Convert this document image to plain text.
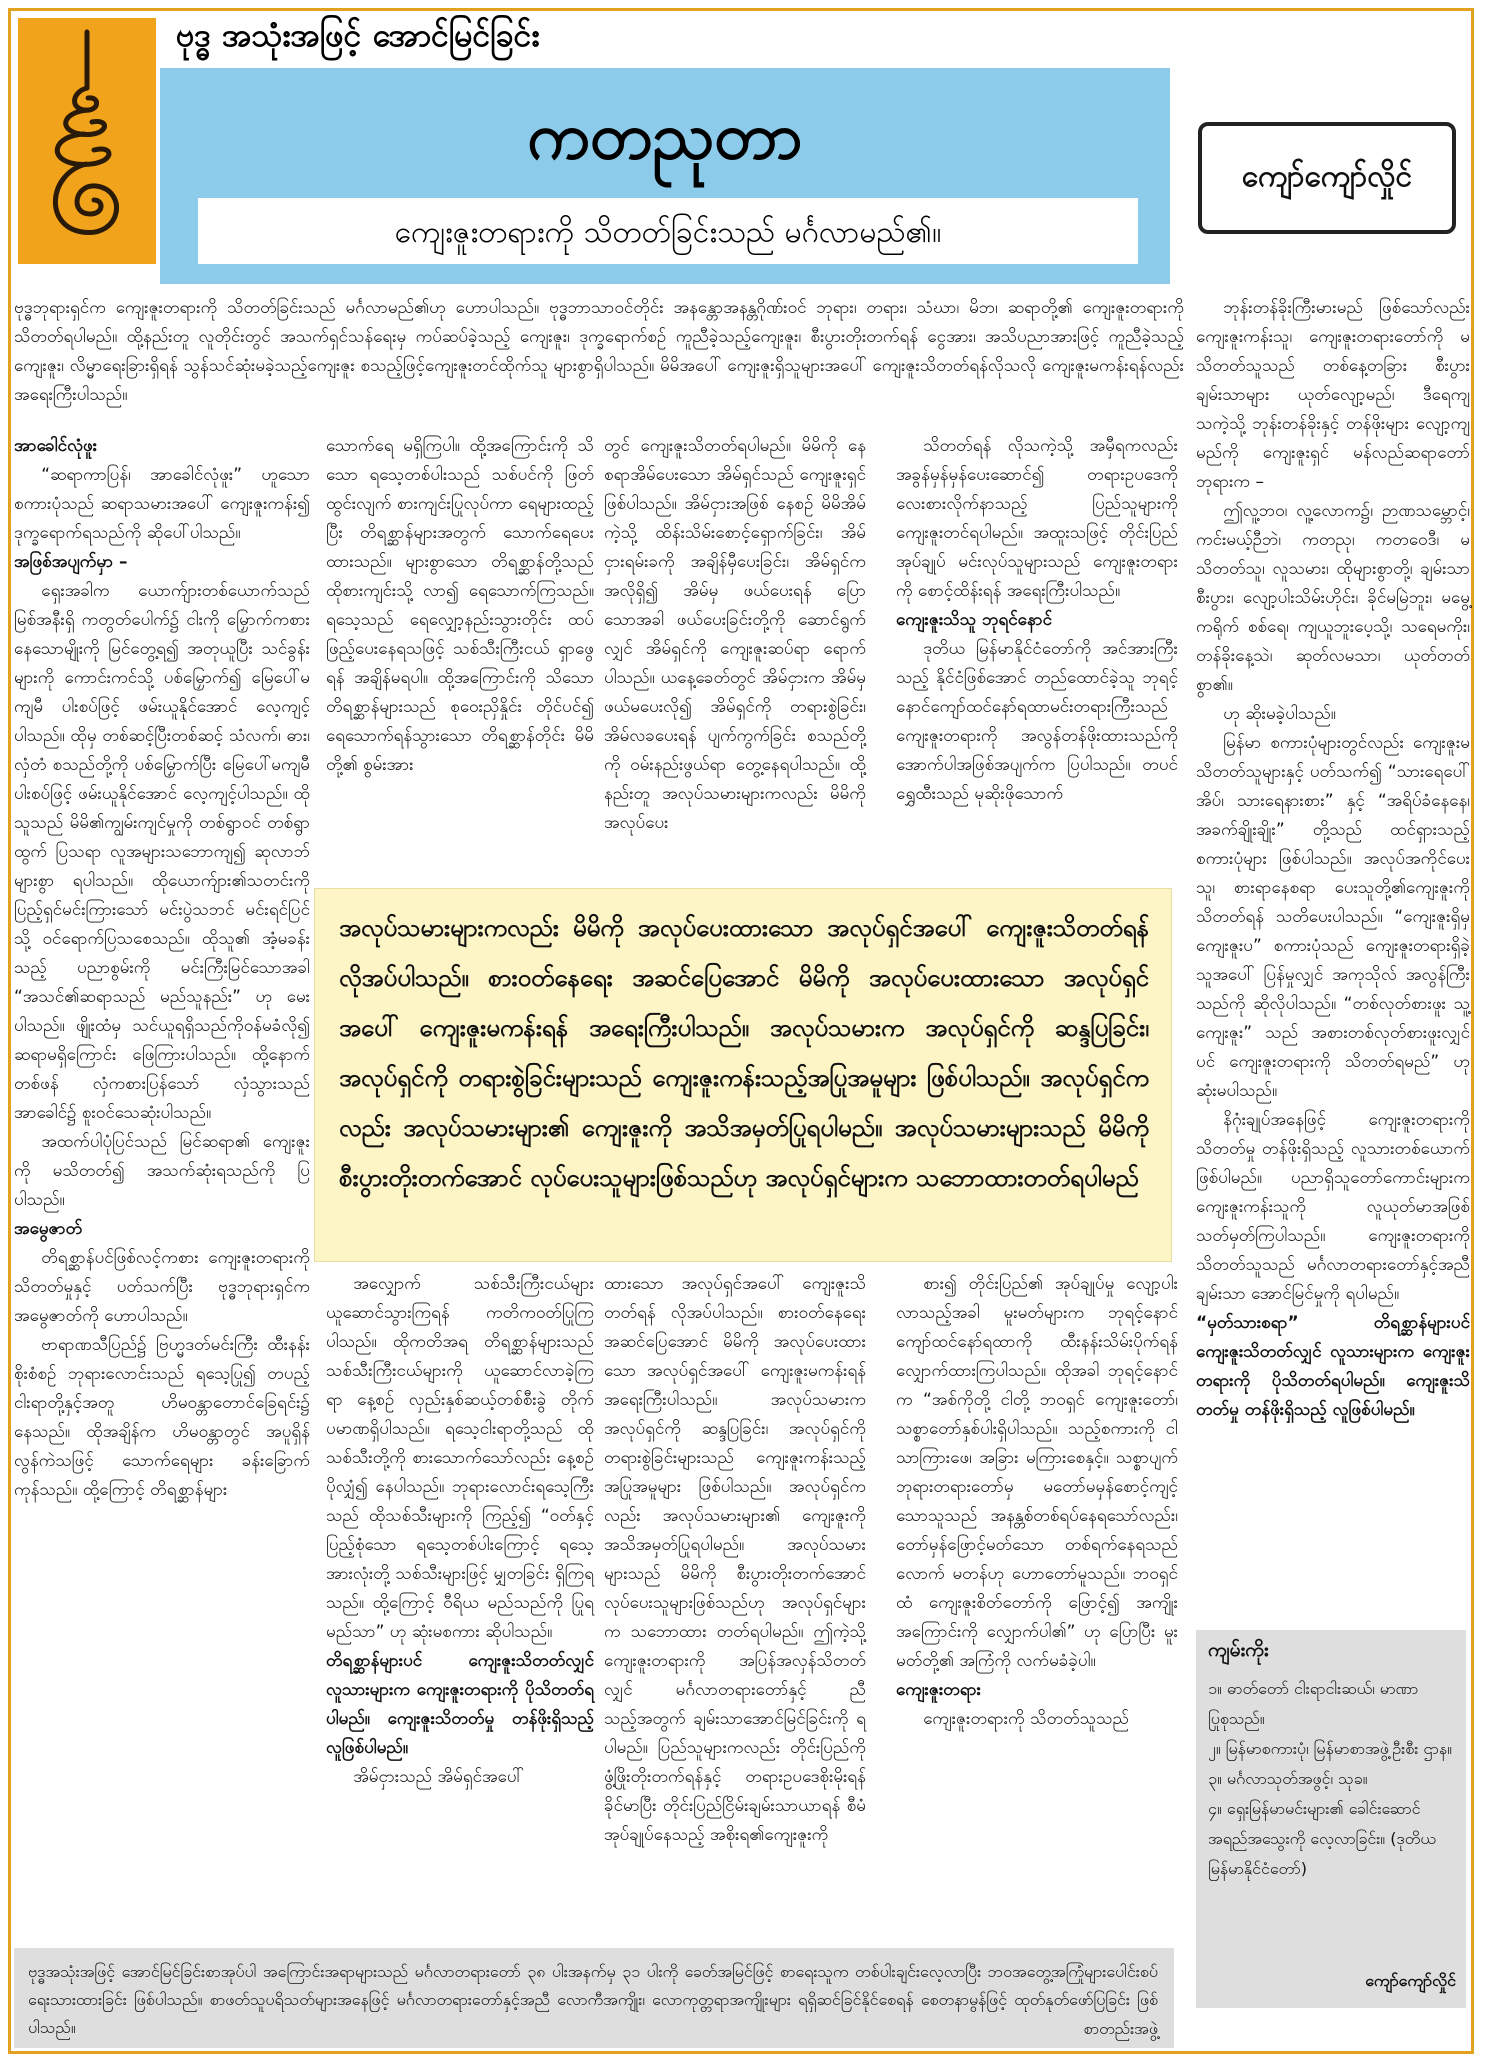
ဗုဒ္ဓ အသုံးအဖြင့် အောင်မြင်ခြင်း
ကတညုတာ
ကျေးဇူးတရားကို သိတတ်ခြင်းသည် မင်္ဂလာမည်၏။
ကျော်ကျော်လှိုင်
ဗုဒ္ဓဘုရားရှင်က ကျေးဇူးတရားကို သိတတ်ခြင်းသည် မင်္ဂလာမည်၏ဟု ဟောပါသည်။ ဗုဒ္ဓဘာသာဝင်တိုင်း အနန္တောအနန္တဂိုဏ်းဝင် ဘုရား၊ တရား၊ သံဃာ၊ မိဘ၊ ဆရာတို့၏ ကျေးဇူးတရားကို သိတတ်ရပါမည်။ ထို့နည်းတူ လူတိုင်းတွင် အသက်ရှင်သန်ရေးမှ ကပ်ဆပ်ခဲ့သည့် ကျေးဇူး၊ ဒုက္ခရောက်စဉ် ကူညီခဲ့သည့်ကျေးဇူး၊ စီးပွားတိုးတက်ရန် ငွေအား၊ အသိပညာအားဖြင့် ကူညီခဲ့သည့်ကျေးဇူး၊ လိမ္မာရေးခြားရှိရန် သွန်သင်ဆုံးမခဲ့သည့်ကျေးဇူး စသည့်ဖြင့်ကျေးဇူးတင်ထိုက်သူ များစွာရှိပါသည်။ မိမိအပေါ် ကျေးဇူးရှိသူများအပေါ် ကျေးဇူးသိတတ်ရန်လိုသလို ကျေးဇူးမကန်းရန်လည်း အရေးကြီးပါသည်။
အာခေါင်လုံဖူး
“ဆရာကာပြန်၊ အာခေါင်လုံဖူး” ဟူသော စကားပုံသည် ဆရာသမားအပေါ် ကျေးဇူးကန်း၍ ဒုက္ခရောက်ရသည်ကို ဆိုပေါ်ပါသည်။
အဖြစ်အပျက်မှာ –
ရှေးအခါက ယောက်ျားတစ်ယောက်သည် မြစ်အနီးရှိ ကတွတ်ပေါက်၌ ငါးကို မြှောက်ကစားနေသောမျိုးကို မြင်တွေ့ရ၍ အတုယူပြီး သင်ခွန်းများကို ကောင်းကင်သို့ ပစ်မြှောက်၍ မြေပေါ်မကျမီ ပါးစပ်ဖြင့် ဖမ်းယူနိုင်အောင် လေ့ကျင့်ပါသည်။ ထိုမှ တစ်ဆင့်ပြီးတစ်ဆင့် သံလက်၊ ဓား၊ လှံတံ စသည်တို့ကို ပစ်မြှောက်ပြီး မြေပေါ်မကျမီ ပါးစပ်ဖြင့် ဖမ်းယူနိုင်အောင် လေ့ကျင့်ပါသည်။ ထိုသူသည် မိမိ၏ကျွမ်းကျင်မှုကို တစ်ရွာဝင် တစ်ရွာထွက် ပြသရာ လူအများသဘောကျ၍ ဆုလာဘ်များစွာ ရပါသည်။ ထိုယောက်ျား၏သတင်းကို ပြည့်ရှင်မင်းကြားသော် မင်းပွဲသဘင် မင်းရင်ပြင်သို့ ဝင်ရောက်ပြသစေသည်။ ထိုသူ၏ အံ့မခန်းသည့် ပညာစွမ်းကို မင်းကြီးမြင်သောအခါ “အသင်၏ဆရာသည် မည်သူနည်း” ဟု မေးပါသည်။ ဖျိုးထံမှ သင်ယူရရှိသည်ကိုဝန်မခံလို၍ ဆရာမရှိကြောင်း ဖြေကြားပါသည်။ ထို့နောက် တစ်ဖန် လှံကစားပြန်သော် လှံသွားသည် အာခေါင်၌ စူးဝင်သေဆုံးပါသည်။
အထက်ပါပုံပြင်သည် မြင်ဆရာ၏ ကျေးဇူးကို မသိတတ်၍ အသက်ဆုံးရသည်ကို ပြပါသည်။
အမွေဇာတ်
တိရစ္ဆာန်ပင်ဖြစ်လင့်ကစား ကျေးဇူးတရားကို သိတတ်မှုနှင့် ပတ်သက်ပြီး ဗုဒ္ဓဘုရားရှင်က အမွေဇာတ်ကို ဟောပါသည်။
ဗာရာဏသီပြည်၌ ဗြဟ္မဒတ်မင်းကြီး ထီးနန်းစိုးစံစဉ် ဘုရားလောင်းသည် ရသေ့ပြု၍ တပည့်ငါးရာတို့နှင့်အတူ ဟိမဝန္တာတောင်ခြေရင်း၌ နေသည်။ ထိုအချိန်က ဟိမဝန္တာတွင် အပူရှိန်လွန်ကဲသဖြင့် သောက်ရေများ ခန်းခြောက်ကုန်သည်။ ထို့ကြောင့် တိရစ္ဆာန်များ
သောက်ရေ မရှိကြပါ။ ထို့အကြောင်းကို သိသော ရသေ့တစ်ပါးသည် သစ်ပင်ကို ဖြတ်ထွင်းလျက် စားကျင်းပြုလုပ်ကာ ရေများထည့်ပြီး တိရစ္ဆာန်များအတွက် သောက်ရေပေးထားသည်။ များစွာသော တိရစ္ဆာန်တို့သည် ထိုစားကျင်းသို့ လာ၍ ရေသောက်ကြသည်။ ရသေ့သည် ရေလျှော့နည်းသွားတိုင်း ထပ်ဖြည့်ပေးနေရသဖြင့် သစ်သီးကြီးငယ် ရှာဖွေရန် အချိန်မရပါ။ ထို့အကြောင်းကို သိသော တိရစ္ဆာန်များသည် စုဝေးညှိနှိုင်း တိုင်ပင်၍ ရေသောက်ရန်သွားသော တိရစ္ဆာန်တိုင်း မိမိတို့၏ စွမ်းအား
တွင် ကျေးဇူးသိတတ်ရပါမည်။ မိမိကို နေစရာအိမ်ပေးသော အိမ်ရှင်သည် ကျေးဇူးရှင် ဖြစ်ပါသည်။ အိမ်ငှားအဖြစ် နေစဉ် မိမိအိမ်ကဲ့သို့ ထိန်းသိမ်းစောင့်ရှောက်ခြင်း၊ အိမ်ငှားရမ်းခကို အချိန်မှီပေးခြင်း၊ အိမ်ရှင်က အလိုရှိ၍ အိမ်မှ ဖယ်ပေးရန် ပြောသောအခါ ဖယ်ပေးခြင်းတို့ကို ဆောင်ရွက်လျှင် အိမ်ရှင်ကို ကျေးဇူးဆပ်ရာ ရောက်ပါသည်။ ယနေ့ခေတ်တွင် အိမ်ငှားက အိမ်မှ ဖယ်မပေးလို၍ အိမ်ရှင်ကို တရားစွဲခြင်း၊ အိမ်လခပေးရန် ပျက်ကွက်ခြင်း စသည်တို့ကို ဝမ်းနည်းဖွယ်ရာ တွေ့နေရပါသည်။ ထို့နည်းတူ အလုပ်သမားများကလည်း မိမိကို အလုပ်ပေး
သိတတ်ရန် လိုသကဲ့သို့ အမှီရကလည်း အခွန်မှန်မှန်ပေးဆောင်၍ တရားဥပဒေကို လေးစားလိုက်နာသည့် ပြည်သူများကို ကျေးဇူးတင်ရပါမည်။ အထူးသဖြင့် တိုင်းပြည်အုပ်ချုပ် မင်းလုပ်သူများသည် ကျေးဇူးတရားကို စောင့်ထိန်းရန် အရေးကြီးပါသည်။
ကျေးဇူးသိသူ ဘုရင်နောင်
ဒုတိယ မြန်မာနိုင်ငံတော်ကို အင်အားကြီးသည့် နိုင်ငံဖြစ်အောင် တည်ထောင်ခဲ့သူ ဘုရင့်နောင်ကျော်ထင်နော်ရထာမင်းတရားကြီးသည် ကျေးဇူးတရားကို အလွန်တန်ဖိုးထားသည်ကို အောက်ပါအဖြစ်အပျက်က ပြပါသည်။ တပင်ရွှေထီးသည် မုဆိုးဖိုသောက်
ဘုန်းတန်ခိုးကြီးမားမည် ဖြစ်သော်လည်း ကျေးဇူးကန်းသူ၊ ကျေးဇူးတရားတော်ကို မသိတတ်သူသည် တစ်နေ့တခြား စီးပွားချမ်းသာများ ယုတ်လျော့မည်၊ ဒီရေကျသကဲ့သို့ ဘုန်းတန်ခိုးနှင့် တန်ဖိုးများ လျော့ကျမည်ကို ကျေးဇူးရှင် မန်လည်ဆရာတော်ဘုရားက –
ဤလူ့ဘဝ၊ လူ့လောက၌၊ ဉာဏသမ္ဘောင့်၊ ကင်းမယ့်ဉီဘဲ၊ ကတညု၊ ကတဝေဒီ၊ မသိတတ်သူ၊ လူသမား၊ ထိုများစွာတို့၊ ချမ်းသာစီးပွား၊ လျော့ပါးသိမ်းဟိုင်း၊ ခိုင်မမြဲဘူး၊ မမွေ့ကရိုက် စစ်ရေ၊ ကျယူဘူးပေ့သို့၊ သရေမကိုး၊ တန်ခိုးနေ့သဲ၊ ဆုတ်လမသာ၊ ယုတ်တတ်စွာ၏။
ဟု ဆိုးမခဲ့ပါသည်။
မြန်မာ စကားပုံများတွင်လည်း ကျေးဇူးမသိတတ်သူများနှင့် ပတ်သက်၍ “သားရေပေါ် အိပ်၊ သားရေနားစား” နှင့် “အရိပ်ခံနေနေ၊ အခက်ချိုးချိုး” တို့သည် ထင်ရှားသည့် စကားပုံများ ဖြစ်ပါသည်။ အလုပ်အကိုင်ပေးသူ၊ စားရာနေစရာ ပေးသူတို့၏ကျေးဇူးကို သိတတ်ရန် သတိပေးပါသည်။ “ကျေးဇူးရှိမှ ကျေးဇူးပ” စကားပုံသည် ကျေးဇူးတရားရှိခဲ့သူအပေါ် ပြန်မှုလျှင် အကုသိုလ် အလွန်ကြီးသည်ကို ဆိုလိုပါသည်။ “တစ်လုတ်စားဖူး သူ့ကျေးဇူး” သည် အစားတစ်လုတ်စားဖူးလျှင်ပင် ကျေးဇူးတရားကို သိတတ်ရမည်” ဟု ဆုံးမပါသည်။
နိဂုံးချုပ်အနေဖြင့် ကျေးဇူးတရားကို သိတတ်မှု တန်ဖိုးရှိသည့် လူသားတစ်ယောက် ဖြစ်ပါမည်။ ပညာရှိသူတော်ကောင်းများက ကျေးဇူးကန်းသူကို လူယုတ်မာအဖြစ် သတ်မှတ်ကြပါသည်။ ကျေးဇူးတရားကို သိတတ်သူသည် မင်္ဂလာတရားတော်နှင့်အညီ ချမ်းသာ အောင်မြင်မှုကို ရပါမည်။
“မှတ်သားစရာ” တိရစ္ဆာန်များပင် ကျေးဇူးသိတတ်လျှင် လူသားများက ကျေးဇူးတရားကို ပိုသိတတ်ရပါမည်။ ကျေးဇူးသိတတ်မှု တန်ဖိုးရှိသည့် လူဖြစ်ပါမည်။
အလုပ်သမားများကလည်း မိမိကို အလုပ်ပေးထားသော အလုပ်ရှင်အပေါ် ကျေးဇူးသိတတ်ရန် လိုအပ်ပါသည်။ စားဝတ်နေရေး အဆင်ပြေအောင် မိမိကို အလုပ်ပေးထားသော အလုပ်ရှင်အပေါ် ကျေးဇူးမကန်းရန် အရေးကြီးပါသည်။ အလုပ်သမားက အလုပ်ရှင်ကို ဆန္ဒပြခြင်း၊ အလုပ်ရှင်ကို တရားစွဲခြင်းများသည် ကျေးဇူးကန်းသည့်အပြုအမူများ ဖြစ်ပါသည်။ အလုပ်ရှင်ကလည်း အလုပ်သမားများ၏ ကျေးဇူးကို အသိအမှတ်ပြုရပါမည်။ အလုပ်သမားများသည် မိမိကို စီးပွားတိုးတက်အောင် လုပ်ပေးသူများဖြစ်သည်ဟု အလုပ်ရှင်များက သဘောထားတတ်ရပါမည်
အလျှောက် သစ်သီးကြီးငယ်များ ယူဆောင်သွားကြရန် ကတိကဝတ်ပြုကြပါသည်။ ထိုကတိအရ တိရစ္ဆာန်များသည် သစ်သီးကြီးငယ်များကို ယူဆောင်လာခဲ့ကြရာ နေ့စဉ် လှည်းနှစ်ဆယ့်တစ်စီးခွဲ တိုက် ပမာဏရှိပါသည်။ ရသေ့ငါးရာတို့သည် ထိုသစ်သီးတို့ကို စားသောက်သော်လည်း နေ့စဉ် ပိုလျှံ၍ နေပါသည်။ ဘုရားလောင်းရသေ့ကြီးသည် ထိုသစ်သီးများကို ကြည့်၍ “ဝတ်နှင့် ပြည့်စုံသော ရသေ့တစ်ပါးကြောင့် ရသေ့အားလုံးတို့ သစ်သီးများဖြင့် မျှတခြင်း ရှိကြရသည်။ ထို့ကြောင့် ဝီရိယ မည်သည်ကို ပြုရမည်သာ” ဟု ဆုံးမစကား ဆိုပါသည်။
တိရစ္ဆာန်များပင် ကျေးဇူးသိတတ်လျှင် လူသားများက ကျေးဇူးတရားကို ပိုသိတတ်ရပါမည်။ ကျေးဇူးသိတတ်မှု တန်ဖိုးရှိသည့်လူဖြစ်ပါမည်။
အိမ်ငှားသည် အိမ်ရှင်အပေါ်
ထားသော အလုပ်ရှင်အပေါ် ကျေးဇူးသိတတ်ရန် လိုအပ်ပါသည်။ စားဝတ်နေရေး အဆင်ပြေအောင် မိမိကို အလုပ်ပေးထားသော အလုပ်ရှင်အပေါ် ကျေးဇူးမကန်းရန် အရေးကြီးပါသည်။ အလုပ်သမားက အလုပ်ရှင်ကို ဆန္ဒပြခြင်း၊ အလုပ်ရှင်ကို တရားစွဲခြင်းများသည် ကျေးဇူးကန်းသည့်အပြုအမူများ ဖြစ်ပါသည်။ အလုပ်ရှင်ကလည်း အလုပ်သမားများ၏ ကျေးဇူးကို အသိအမှတ်ပြုရပါမည်။ အလုပ်သမားများသည် မိမိကို စီးပွားတိုးတက်အောင် လုပ်ပေးသူများဖြစ်သည်ဟု အလုပ်ရှင်များက သဘောထား တတ်ရပါမည်။ ဤကဲ့သို့ ကျေးဇူးတရားကို အပြန်အလှန်သိတတ်လျှင် မင်္ဂလာတရားတော်နှင့် ညီသည့်အတွက် ချမ်းသာအောင်မြင်ခြင်းကို ရပါမည်။ ပြည်သူများကလည်း တိုင်းပြည်ကို ဖွံ့ဖြိုးတိုးတက်ရန်နှင့် တရားဥပဒေစိုးမိုးရန် ခိုင်မာပြီး တိုင်းပြည်ငြိမ်းချမ်းသာယာရန် စီမံအုပ်ချုပ်နေသည့် အစိုးရ၏ကျေးဇူးကို
စား၍ တိုင်းပြည်၏ အုပ်ချုပ်မှု လျော့ပါးလာသည့်အခါ မူးမတ်များက ဘုရင့်နောင် ကျော်ထင်နော်ရထာကို ထီးနန်းသိမ်းပိုက်ရန် လျှောက်ထားကြပါသည်။ ထိုအခါ ဘုရင့်နောင်က “အစ်ကိုတို့ ငါတို့ ဘဝရှင် ကျေးဇူးတော်၊ သစ္စာတော်နှစ်ပါးရှိပါသည်။ သည့်စကားကို ငါသာကြားဖေ၊ အခြား မကြားစေနှင့်။ သစ္စာပျက်ဘုရားတရားတော်မှ မတော်မမှန်စောင့်ကျင့်သောသူသည် အနန္တစ်တစ်ရပ်နေရသော်လည်း၊ တော်မှန်ဖြောင့်မတ်သော တစ်ရက်နေရသည်လောက် မတန်ဟု ဟောတော်မူသည်။ ဘဝရှင်ထံ ကျေးဇူးစိတ်တော်ကို ဖြောင့်၍ အကျိုး အကြောင်းကို လျှောက်ပါ၏” ဟု ပြောပြီး မူးမတ်တို့၏ အကြံကို လက်မခံခဲ့ပါ။
ကျေးဇူးတရား
ကျေးဇူးတရားကို သိတတ်သူသည်
ကျမ်းကိုး
၁။ ဓာတ်တော် ငါးရာငါးဆယ်၊ မာဏာ ပြုစုသည်။
၂။ မြန်မာစကားပုံ၊ မြန်မာစာအဖွဲ့ဦးစီး ဌာန။
၃။ မင်္ဂလာသုတ်အဖွင့်၊ သုခ။
၄။ ရှေးမြန်မာမင်းများ၏ ခေါင်းဆောင်အရည်အသွေးကို လေ့လာခြင်း။ (ဒုတိယမြန်မာနိုင်ငံတော်)
ကျော်ကျော်လှိုင်
ဗုဒ္ဓအသုံးအဖြင့် အောင်မြင်ခြင်းစာအုပ်ပါ အကြောင်းအရာများသည် မင်္ဂလာတရားတော် ၃၈ ပါးအနက်မှ ၃၁ ပါးကို ခေတ်အမြင်ဖြင့် စာရေးသူက တစ်ပါးချင်းလေ့လာပြီး ဘဝအတွေ့အကြုံများပေါင်းစပ်ရေးသားထားခြင်း ဖြစ်ပါသည်။ စာဖတ်သူပရိသတ်များအနေဖြင့် မင်္ဂလာတရားတော်နှင့်အညီ လောကီအကျိုး၊ လောကုတ္တရာအကျိုးများ ရရှိဆင်ခြင်နိုင်စေရန် စေတနာမွန်ဖြင့် ထုတ်နုတ်ဖော်ပြခြင်း ဖြစ်ပါသည်။	စာတည်းအဖွဲ့
